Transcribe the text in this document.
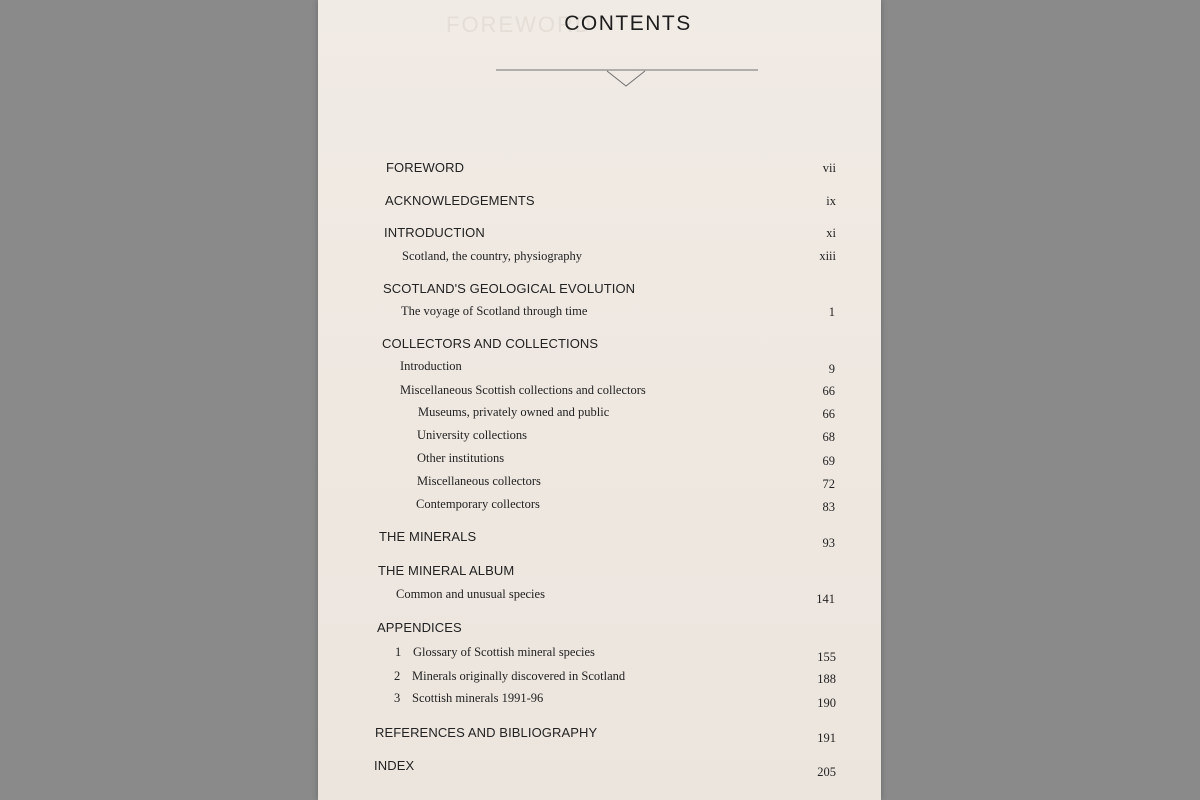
FOREWORD
CONTENTS
FOREWORD	vii
ACKNOWLEDGEMENTS	ix
INTRODUCTION	xi
Scotland, the country, physiography	xiii
SCOTLAND'S GEOLOGICAL EVOLUTION
The voyage of Scotland through time	1
COLLECTORS AND COLLECTIONS
Introduction	9
Miscellaneous Scottish collections and collectors	66
Museums, privately owned and public	66
University collections	68
Other institutions	69
Miscellaneous collectors	72
Contemporary collectors	83
THE MINERALS	93
THE MINERAL ALBUM
Common and unusual species	141
APPENDICES
1 Glossary of Scottish mineral species	155
2 Minerals originally discovered in Scotland	188
3 Scottish minerals 1991-96	190
REFERENCES AND BIBLIOGRAPHY	191
INDEX	205
